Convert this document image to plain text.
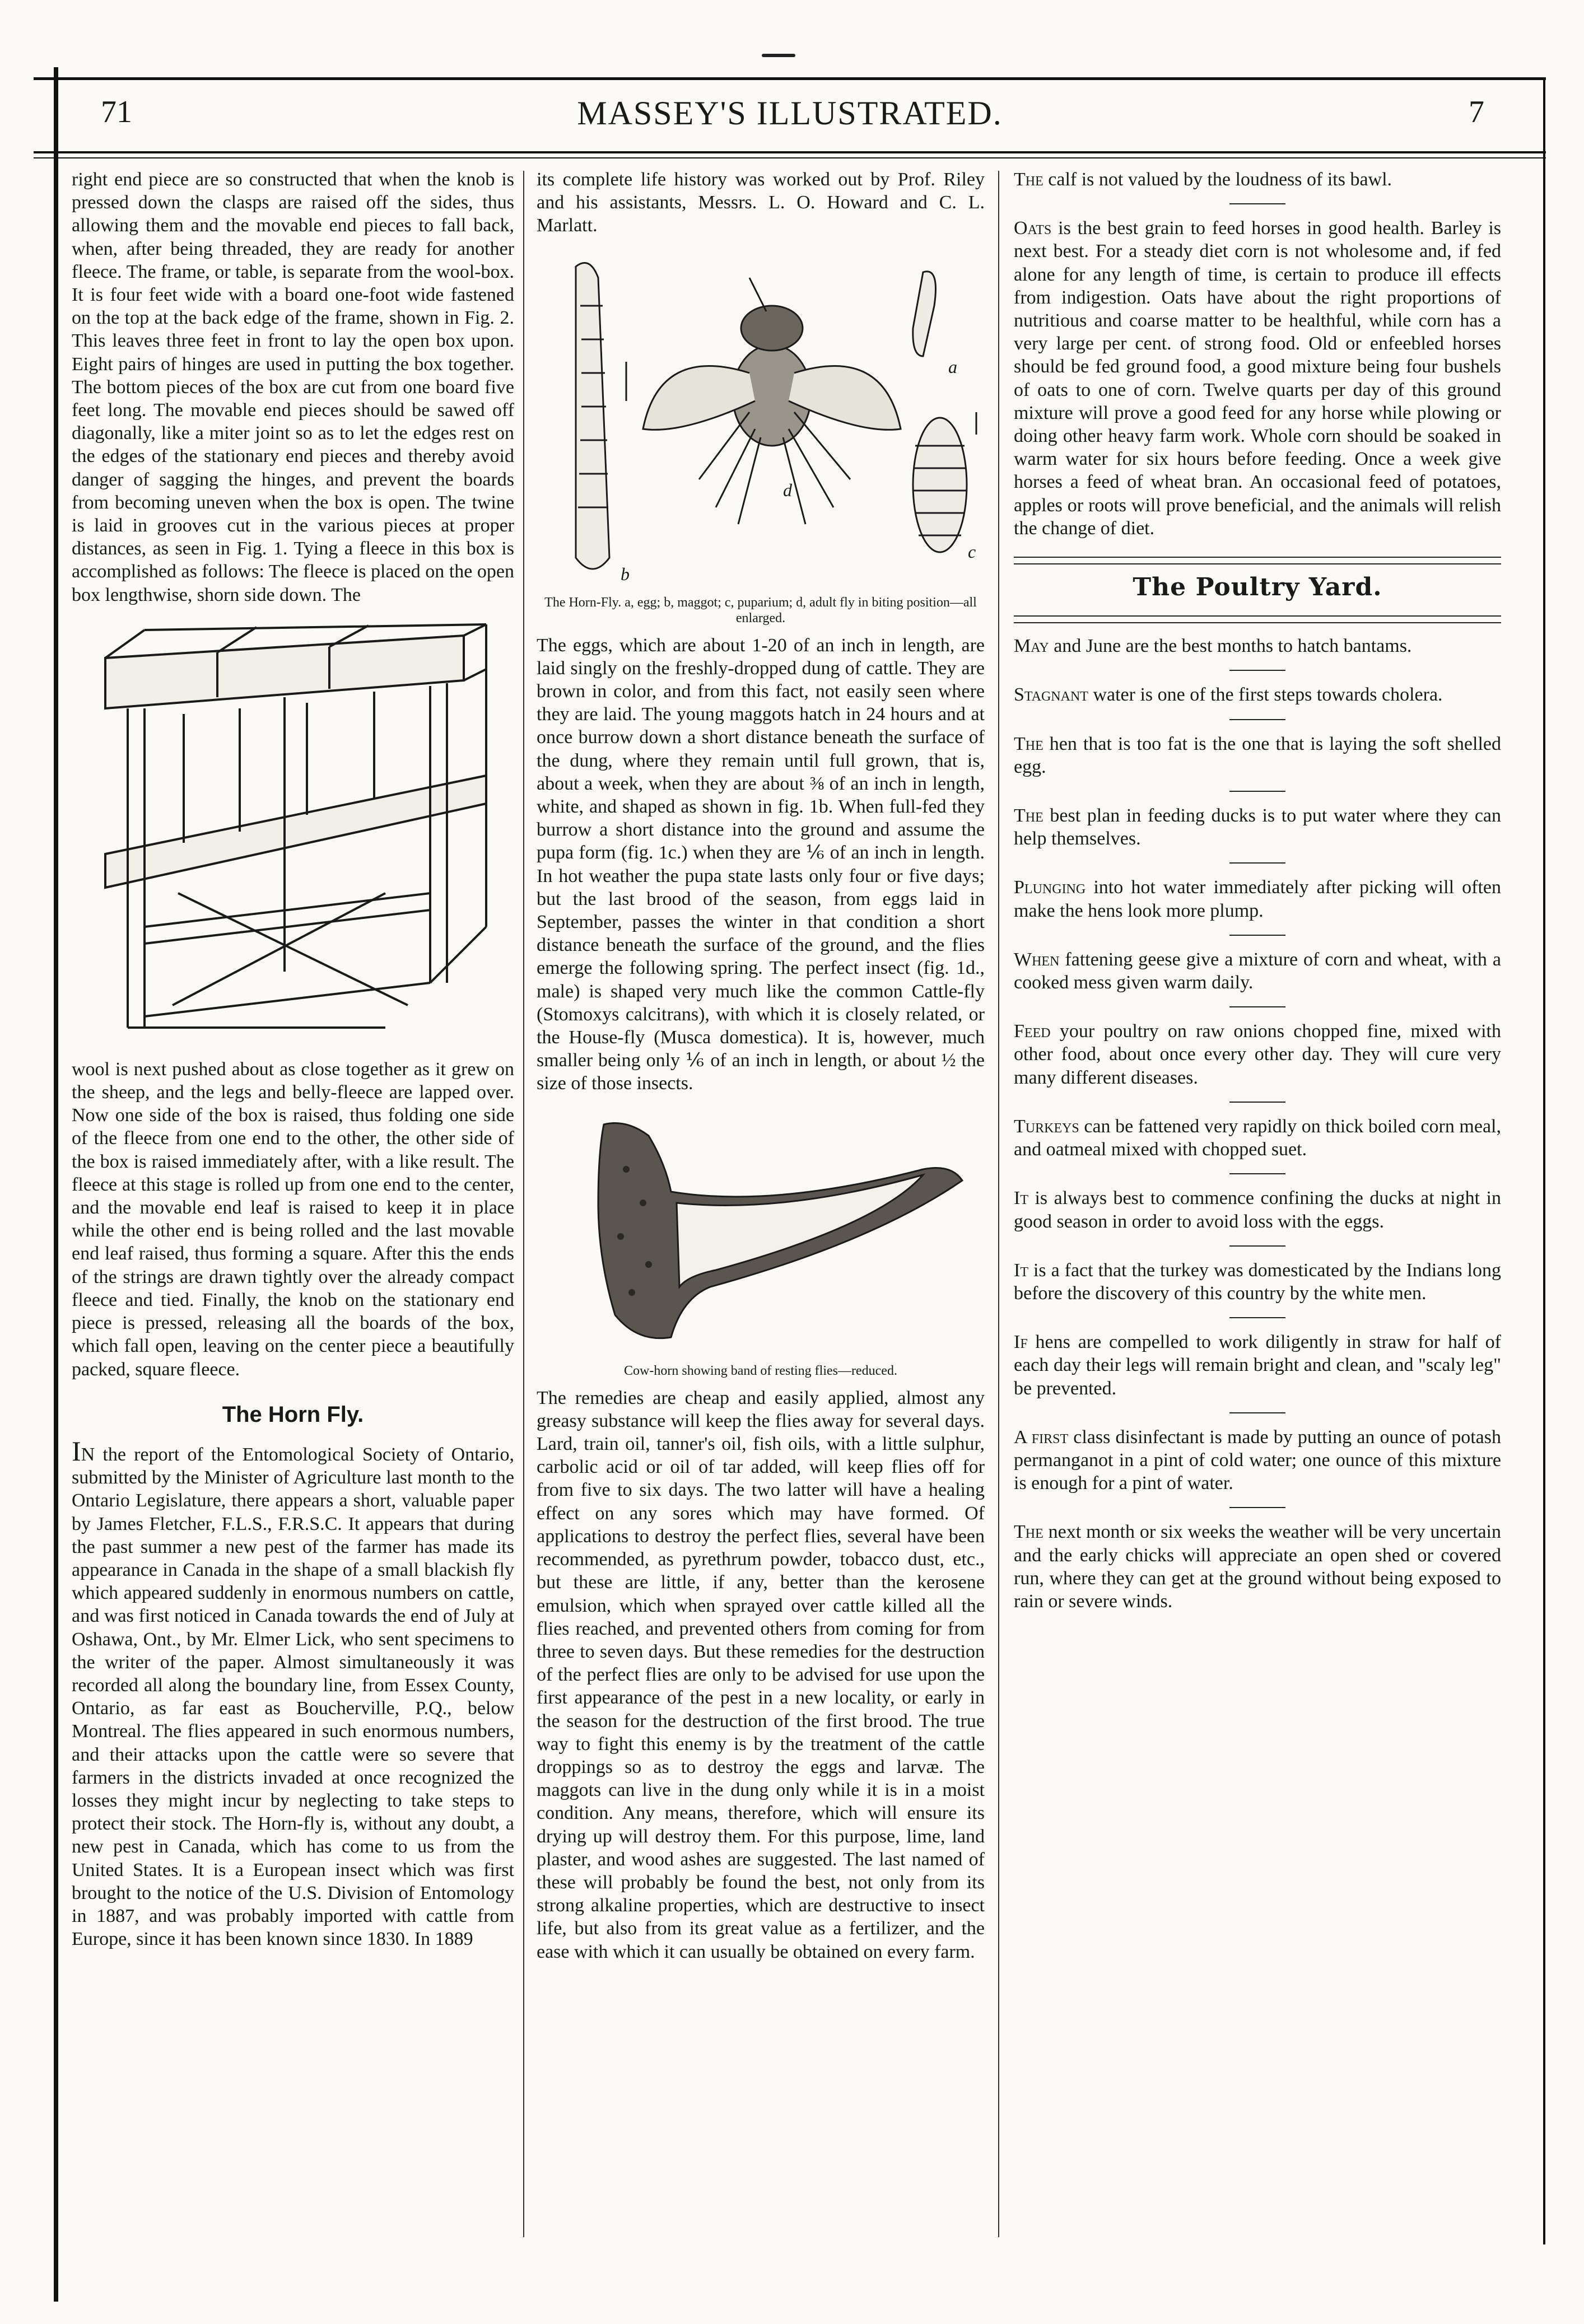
MASSEY'S ILLUSTRATED.
71	7

right end piece are so constructed that when the knob is pressed down the clasps are raised off the sides, thus allowing them and the movable end pieces to fall back, when, after being threaded, they are ready for another fleece. The frame, or table, is separate from the wool-box. It is four feet wide with a board one-foot wide fastened on the top at the back edge of the frame, shown in Fig. 2. This leaves three feet in front to lay the open box upon. Eight pairs of hinges are used in putting the box together. The bottom pieces of the box are cut from one board five feet long. The movable end pieces should be sawed off diagonally, like a miter joint so as to let the edges rest on the edges of the stationary end pieces and thereby avoid danger of sagging the hinges, and prevent the boards from becoming uneven when the box is open. The twine is laid in grooves cut in the various pieces at proper distances, as seen in Fig. 1. Tying a fleece in this box is accomplished as follows: The fleece is placed on the open box lengthwise, shorn side down. The

wool is next pushed about as close together as it grew on the sheep, and the legs and belly-fleece are lapped over. Now one side of the box is raised, thus folding one side of the fleece from one end to the other, the other side of the box is raised immediately after, with a like result. The fleece at this stage is rolled up from one end to the center, and the movable end leaf is raised to keep it in place while the other end is being rolled and the last movable end leaf raised, thus forming a square. After this the ends of the strings are drawn tightly over the already compact fleece and tied. Finally, the knob on the stationary end piece is pressed, releasing all the boards of the box, which fall open, leaving on the center piece a beautifully packed, square fleece.

The Horn Fly.

IN the report of the Entomological Society of Ontario, submitted by the Minister of Agriculture last month to the Ontario Legislature, there appears a short, valuable paper by James Fletcher, F.L.S., F.R.S.C. It appears that during the past summer a new pest of the farmer has made its appearance in Canada in the shape of a small blackish fly which appeared suddenly in enormous numbers on cattle, and was first noticed in Canada towards the end of July at Oshawa, Ont., by Mr. Elmer Lick, who sent specimens to the writer of the paper. Almost simultaneously it was recorded all along the boundary line, from Essex County, Ontario, as far east as Boucherville, P.Q., below Montreal. The flies appeared in such enormous numbers, and their attacks upon the cattle were so severe that farmers in the districts invaded at once recognized the losses they might incur by neglecting to take steps to protect their stock. The Horn-fly is, without any doubt, a new pest in Canada, which has come to us from the United States. It is a European insect which was first brought to the notice of the U.S. Division of Entomology in 1887, and was probably imported with cattle from Europe, since it has been known since 1830. In 1889

its complete life history was worked out by Prof. Riley and his assistants, Messrs. L. O. Howard and C. L. Marlatt.

b
a
c
d
The Horn-Fly. a, egg; b, maggot; c, puparium; d, adult fly in biting position—all enlarged.

The eggs, which are about 1-20 of an inch in length, are laid singly on the freshly-dropped dung of cattle. They are brown in color, and from this fact, not easily seen where they are laid. The young maggots hatch in 24 hours and at once burrow down a short distance beneath the surface of the dung, where they remain until full grown, that is, about a week, when they are about ⅜ of an inch in length, white, and shaped as shown in fig. 1b. When full-fed they burrow a short distance into the ground and assume the pupa form (fig. 1c.) when they are ⅙ of an inch in length. In hot weather the pupa state lasts only four or five days; but the last brood of the season, from eggs laid in September, passes the winter in that condition a short distance beneath the surface of the ground, and the flies emerge the following spring. The perfect insect (fig. 1d., male) is shaped very much like the common Cattle-fly (Stomoxys calcitrans), with which it is closely related, or the House-fly (Musca domestica). It is, however, much smaller being only ⅙ of an inch in length, or about ½ the size of those insects.

Cow-horn showing band of resting flies—reduced.

The remedies are cheap and easily applied, almost any greasy substance will keep the flies away for several days. Lard, train oil, tanner's oil, fish oils, with a little sulphur, carbolic acid or oil of tar added, will keep flies off for from five to six days. The two latter will have a healing effect on any sores which may have formed. Of applications to destroy the perfect flies, several have been recommended, as pyrethrum powder, tobacco dust, etc., but these are little, if any, better than the kerosene emulsion, which when sprayed over cattle killed all the flies reached, and prevented others from coming for from three to seven days. But these remedies for the destruction of the perfect flies are only to be advised for use upon the first appearance of the pest in a new locality, or early in the season for the destruction of the first brood. The true way to fight this enemy is by the treatment of the cattle droppings so as to destroy the eggs and larvæ. The maggots can live in the dung only while it is in a moist condition. Any means, therefore, which will ensure its drying up will destroy them. For this purpose, lime, land plaster, and wood ashes are suggested. The last named of these will probably be found the best, not only from its strong alkaline properties, which are destructive to insect life, but also from its great value as a fertilizer, and the ease with which it can usually be obtained on every farm.

The calf is not valued by the loudness of its bawl.

Oats is the best grain to feed horses in good health. Barley is next best. For a steady diet corn is not wholesome and, if fed alone for any length of time, is certain to produce ill effects from indigestion. Oats have about the right proportions of nutritious and coarse matter to be healthful, while corn has a very large per cent. of strong food. Old or enfeebled horses should be fed ground food, a good mixture being four bushels of oats to one of corn. Twelve quarts per day of this ground mixture will prove a good feed for any horse while plowing or doing other heavy farm work. Whole corn should be soaked in warm water for six hours before feeding. Once a week give horses a feed of wheat bran. An occasional feed of potatoes, apples or roots will prove beneficial, and the animals will relish the change of diet.

The Poultry Yard.

May and June are the best months to hatch bantams.

Stagnant water is one of the first steps towards cholera.

The hen that is too fat is the one that is laying the soft shelled egg.

The best plan in feeding ducks is to put water where they can help themselves.

Plunging into hot water immediately after picking will often make the hens look more plump.

When fattening geese give a mixture of corn and wheat, with a cooked mess given warm daily.

Feed your poultry on raw onions chopped fine, mixed with other food, about once every other day. They will cure very many different diseases.

Turkeys can be fattened very rapidly on thick boiled corn meal, and oatmeal mixed with chopped suet.

It is always best to commence confining the ducks at night in good season in order to avoid loss with the eggs.

It is a fact that the turkey was domesticated by the Indians long before the discovery of this country by the white men.

If hens are compelled to work diligently in straw for half of each day their legs will remain bright and clean, and "scaly leg" be prevented.

A first class disinfectant is made by putting an ounce of potash permanganot in a pint of cold water; one ounce of this mixture is enough for a pint of water.

The next month or six weeks the weather will be very uncertain and the early chicks will appreciate an open shed or covered run, where they can get at the ground without being exposed to rain or severe winds.
